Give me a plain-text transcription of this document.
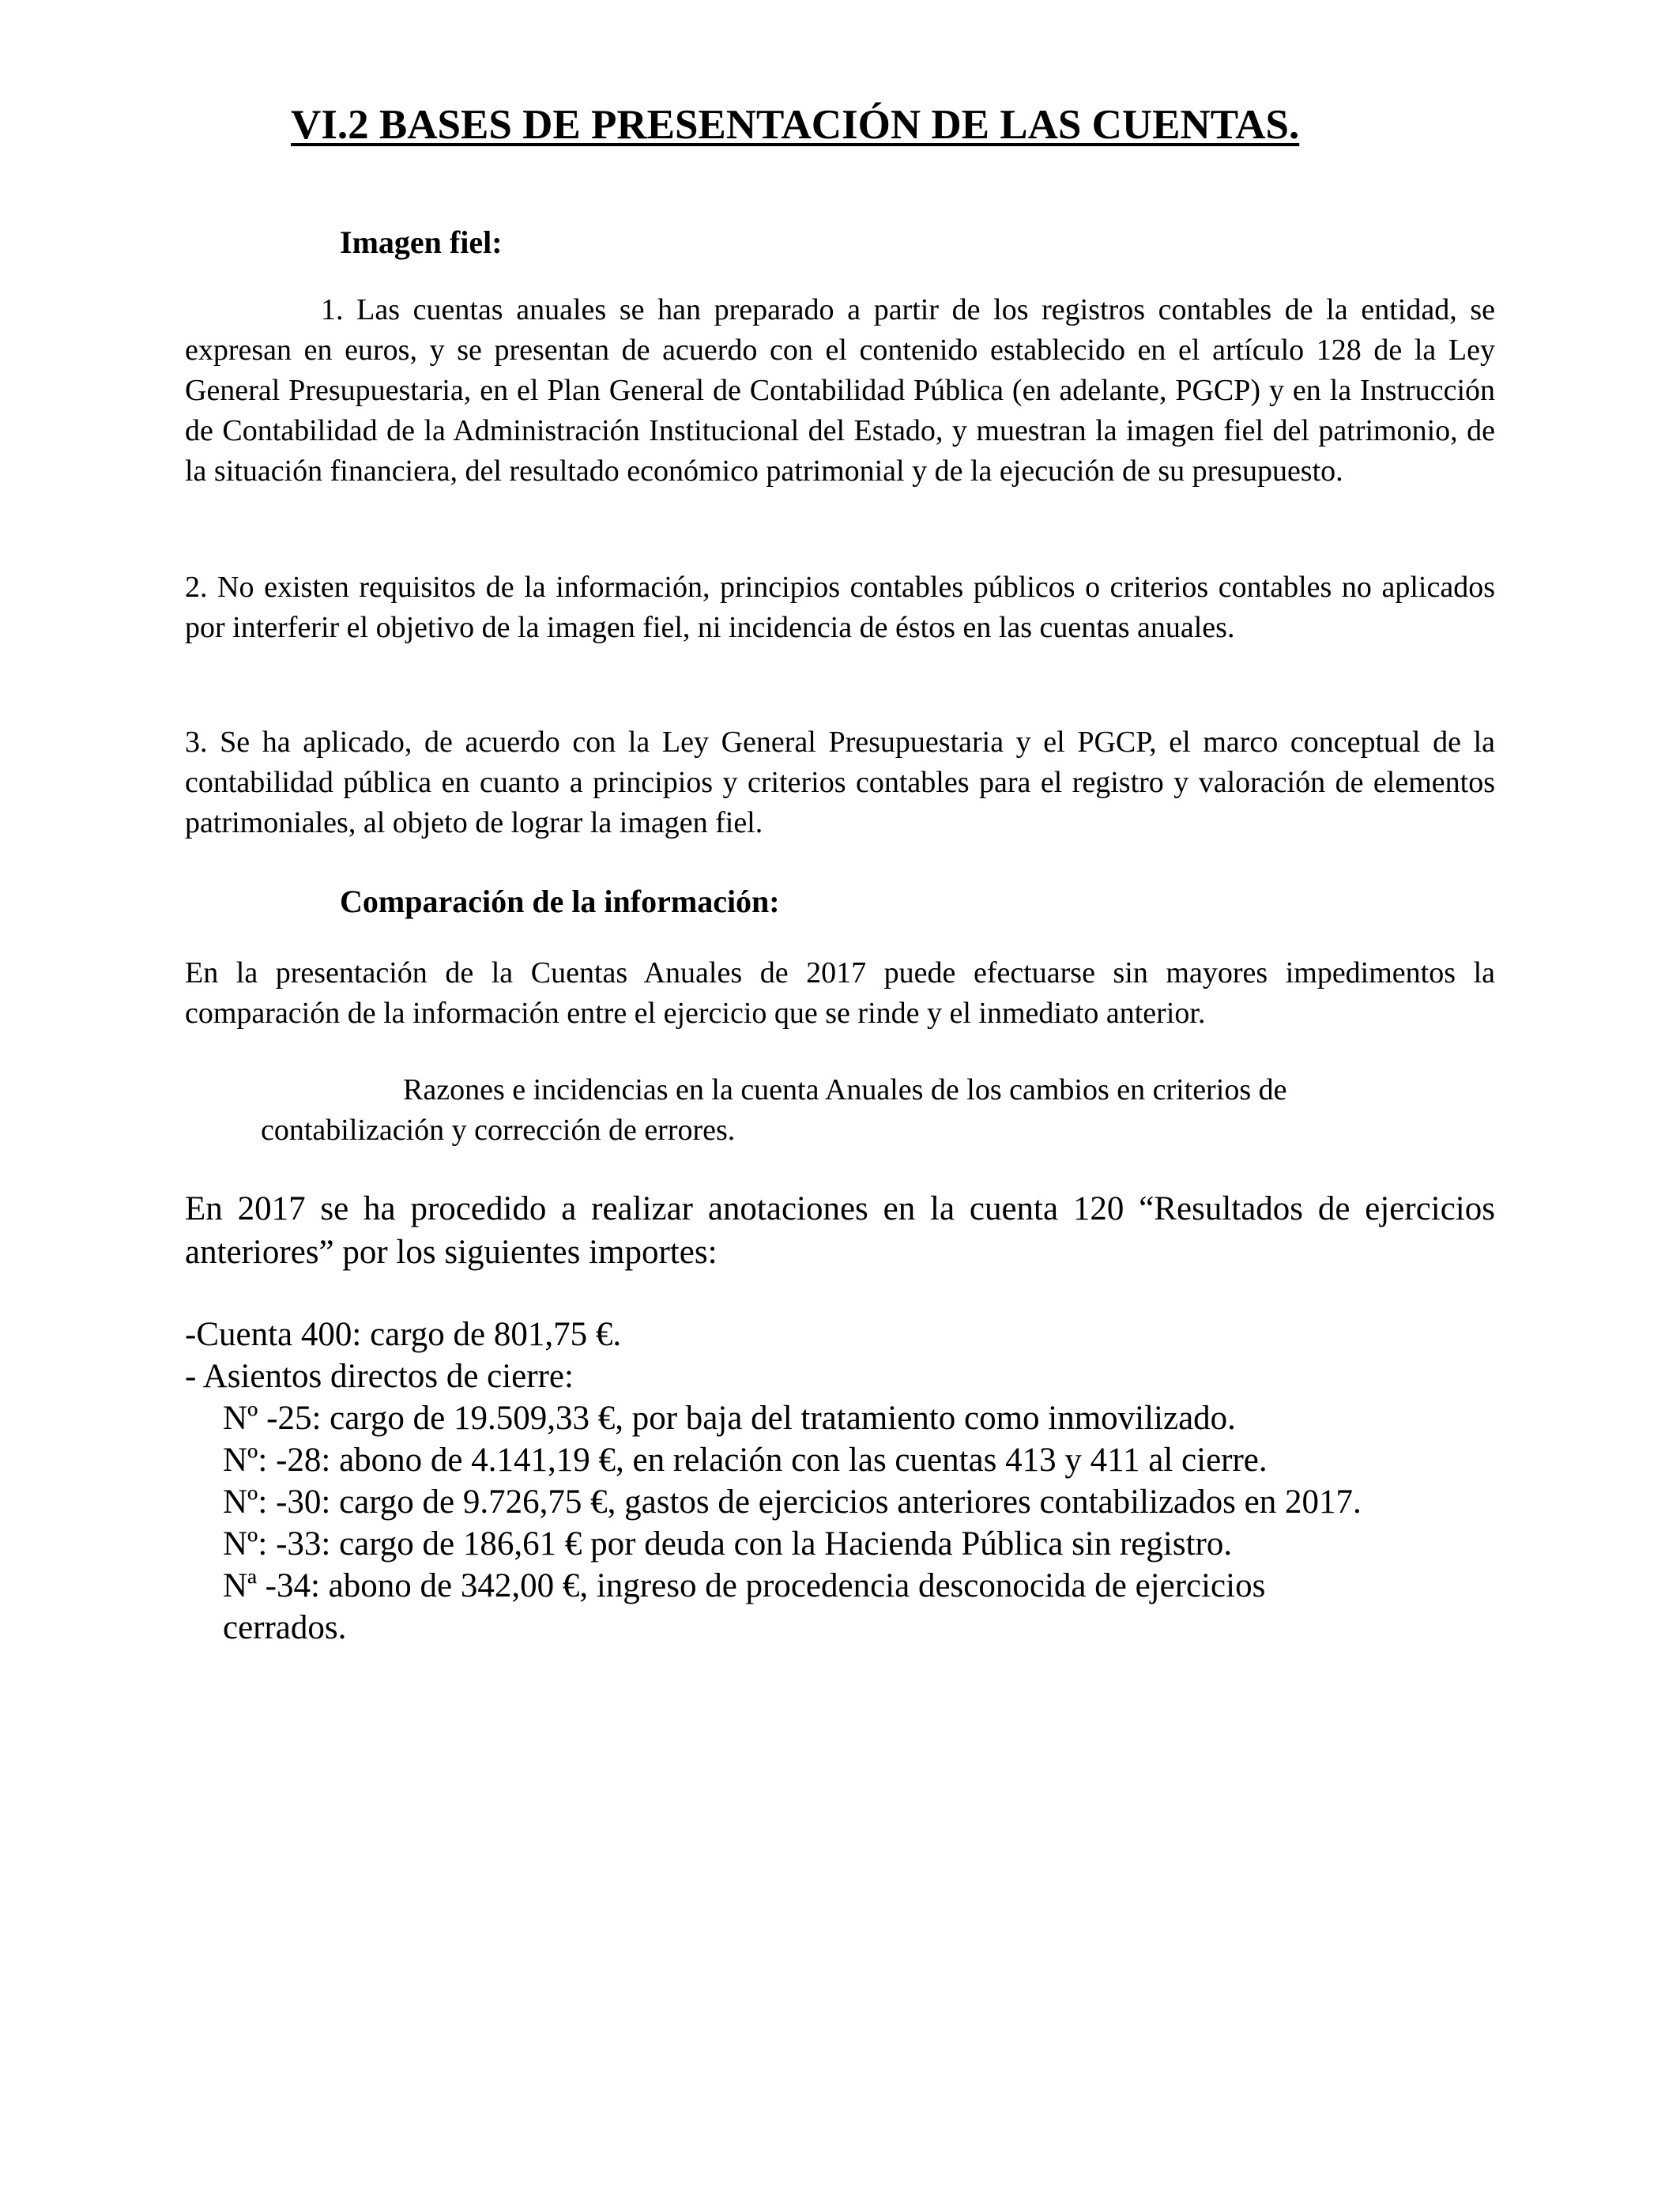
VI.2 BASES DE PRESENTACIÓN DE LAS CUENTAS.
Imagen fiel:
1. Las cuentas anuales se han preparado a partir de los registros contables de la entidad, se expresan en euros, y se presentan de acuerdo con el contenido establecido en el artículo 128 de la Ley General Presupuestaria, en el Plan General de Contabilidad Pública (en adelante, PGCP) y en la Instrucción de Contabilidad de la Administración Institucional del Estado, y muestran la imagen fiel del patrimonio, de la situación financiera, del resultado económico patrimonial y de la ejecución de su presupuesto.
2. No existen requisitos de la información, principios contables públicos o criterios contables no aplicados por interferir el objetivo de la imagen fiel, ni incidencia de éstos en las cuentas anuales.
3. Se ha aplicado, de acuerdo con la Ley General Presupuestaria y el PGCP, el marco conceptual de la contabilidad pública en cuanto a principios y criterios contables para el registro y valoración de elementos patrimoniales, al objeto de lograr la imagen fiel.
Comparación de la información:
En la presentación de la Cuentas Anuales de 2017 puede efectuarse sin mayores impedimentos la comparación de la información entre el ejercicio que se rinde y el inmediato anterior.
Razones e incidencias en la cuenta Anuales de los cambios en criterios de
contabilización y corrección de errores.
En 2017 se ha procedido a realizar anotaciones en la cuenta 120 “Resultados de ejercicios anteriores” por los siguientes importes:
-Cuenta 400: cargo de 801,75 €.
- Asientos directos de cierre:
Nº -25: cargo de 19.509,33 €, por baja del tratamiento como inmovilizado.
Nº: -28: abono de 4.141,19 €, en relación con las cuentas 413 y 411 al cierre.
Nº: -30: cargo de 9.726,75 €, gastos de ejercicios anteriores contabilizados en 2017.
Nº: -33: cargo de 186,61 € por deuda con la Hacienda Pública sin registro.
Nª -34: abono de 342,00 €, ingreso de procedencia desconocida de ejercicios
cerrados.
